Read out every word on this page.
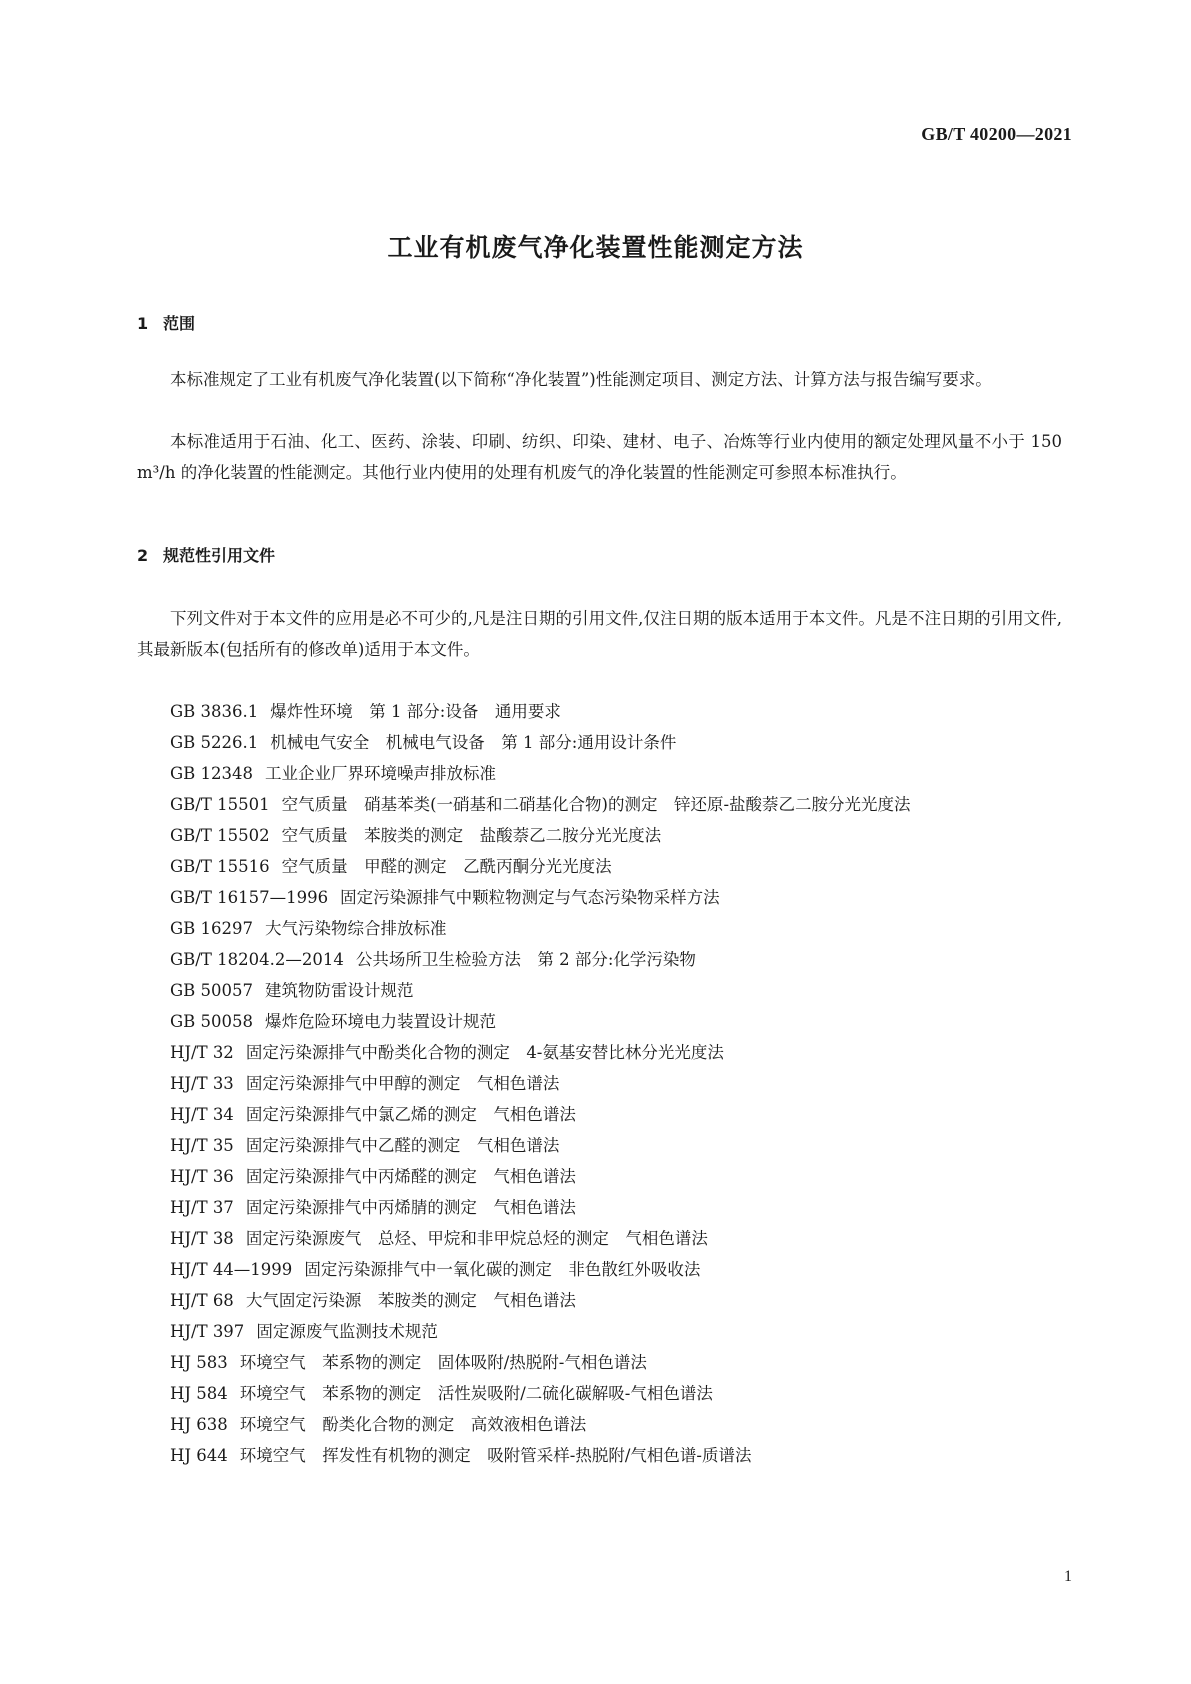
GB/T 40200—2021
工业有机废气净化装置性能测定方法
1 范围
本标准规定了工业有机废气净化装置(以下简称“净化装置”)性能测定项目、测定方法、计算方法与报告编写要求。
本标准适用于石油、化工、医药、涂装、印刷、纺织、印染、建材、电子、冶炼等行业内使用的额定处理风量不小于 150 m³/h 的净化装置的性能测定。其他行业内使用的处理有机废气的净化装置的性能测定可参照本标准执行。
2 规范性引用文件
下列文件对于本文件的应用是必不可少的,凡是注日期的引用文件,仅注日期的版本适用于本文件。凡是不注日期的引用文件,其最新版本(包括所有的修改单)适用于本文件。
GB 3836.1 爆炸性环境　第 1 部分:设备　通用要求
GB 5226.1 机械电气安全　机械电气设备　第 1 部分:通用设计条件
GB 12348 工业企业厂界环境噪声排放标准
GB/T 15501 空气质量　硝基苯类(一硝基和二硝基化合物)的测定　锌还原-盐酸萘乙二胺分光光度法
GB/T 15502 空气质量　苯胺类的测定　盐酸萘乙二胺分光光度法
GB/T 15516 空气质量　甲醛的测定　乙酰丙酮分光光度法
GB/T 16157—1996 固定污染源排气中颗粒物测定与气态污染物采样方法
GB 16297 大气污染物综合排放标准
GB/T 18204.2—2014 公共场所卫生检验方法　第 2 部分:化学污染物
GB 50057 建筑物防雷设计规范
GB 50058 爆炸危险环境电力装置设计规范
HJ/T 32 固定污染源排气中酚类化合物的测定　4-氨基安替比林分光光度法
HJ/T 33 固定污染源排气中甲醇的测定　气相色谱法
HJ/T 34 固定污染源排气中氯乙烯的测定　气相色谱法
HJ/T 35 固定污染源排气中乙醛的测定　气相色谱法
HJ/T 36 固定污染源排气中丙烯醛的测定　气相色谱法
HJ/T 37 固定污染源排气中丙烯腈的测定　气相色谱法
HJ/T 38 固定污染源废气　总烃、甲烷和非甲烷总烃的测定　气相色谱法
HJ/T 44—1999 固定污染源排气中一氧化碳的测定　非色散红外吸收法
HJ/T 68 大气固定污染源　苯胺类的测定　气相色谱法
HJ/T 397 固定源废气监测技术规范
HJ 583 环境空气　苯系物的测定　固体吸附/热脱附-气相色谱法
HJ 584 环境空气　苯系物的测定　活性炭吸附/二硫化碳解吸-气相色谱法
HJ 638 环境空气　酚类化合物的测定　高效液相色谱法
HJ 644 环境空气　挥发性有机物的测定　吸附管采样-热脱附/气相色谱-质谱法
1
